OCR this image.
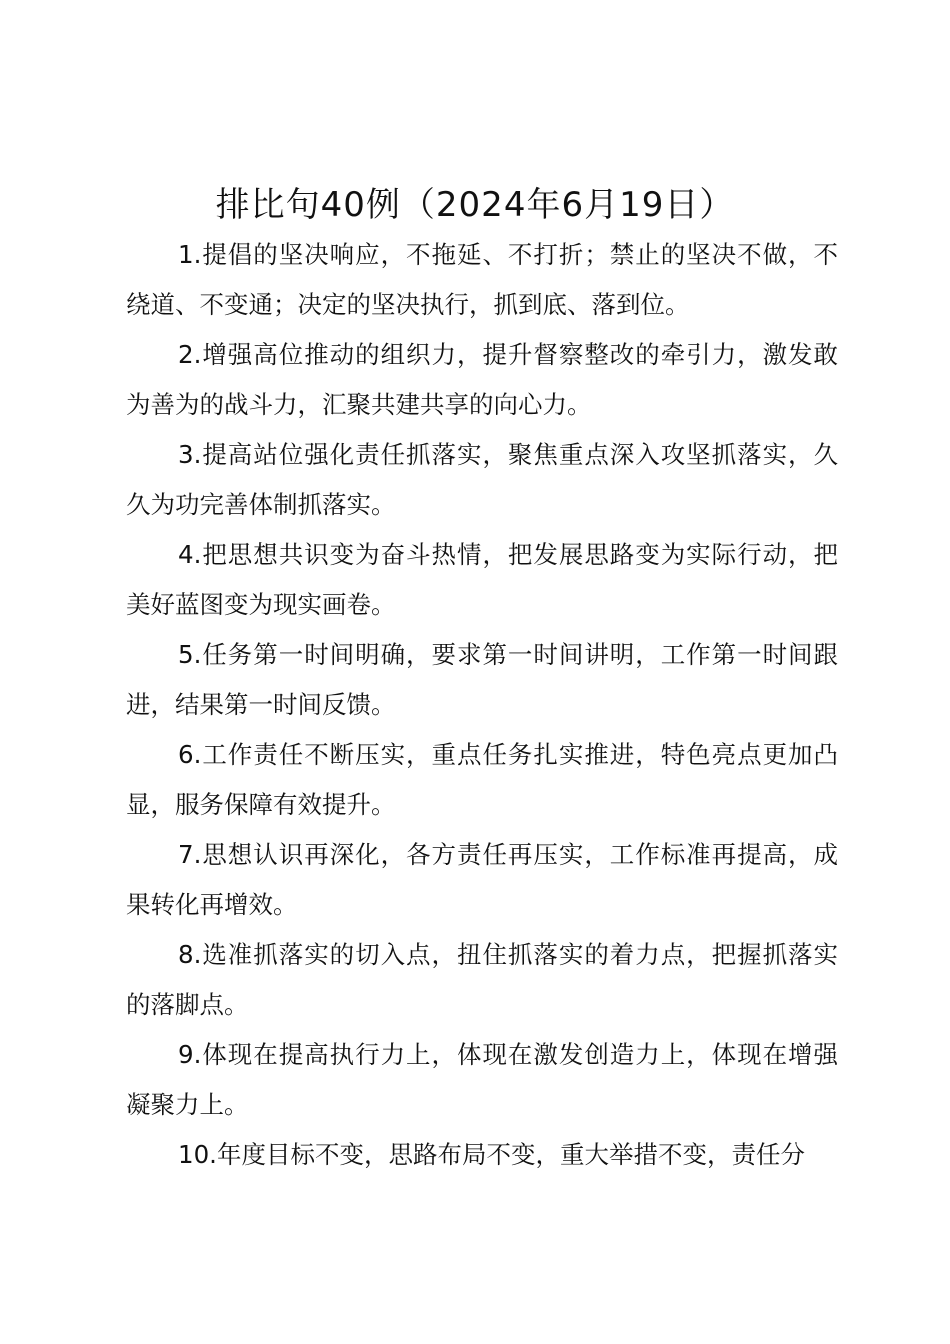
排比句40例（2024年6月19日）

1.提倡的坚决响应，不拖延、不打折；禁止的坚决不做，不绕道、不变通；决定的坚决执行，抓到底、落到位。

2.增强高位推动的组织力，提升督察整改的牵引力，激发敢为善为的战斗力，汇聚共建共享的向心力。

3.提高站位强化责任抓落实，聚焦重点深入攻坚抓落实，久久为功完善体制抓落实。

4.把思想共识变为奋斗热情，把发展思路变为实际行动，把美好蓝图变为现实画卷。

5.任务第一时间明确，要求第一时间讲明，工作第一时间跟进，结果第一时间反馈。

6.工作责任不断压实，重点任务扎实推进，特色亮点更加凸显，服务保障有效提升。

7.思想认识再深化，各方责任再压实，工作标准再提高，成果转化再增效。

8.选准抓落实的切入点，扭住抓落实的着力点，把握抓落实的落脚点。

9.体现在提高执行力上，体现在激发创造力上，体现在增强凝聚力上。

10.年度目标不变，思路布局不变，重大举措不变，责任分
